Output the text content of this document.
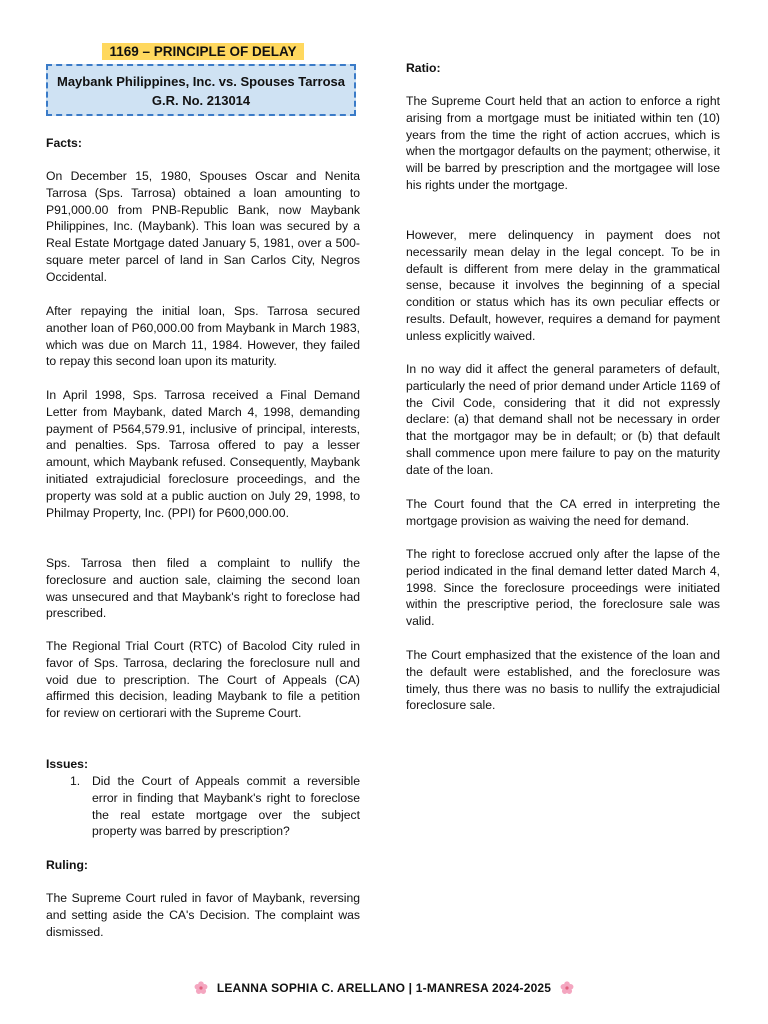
1169 – PRINCIPLE OF DELAY
Maybank Philippines, Inc. vs. Spouses Tarrosa
G.R. No. 213014
Facts:

On December 15, 1980, Spouses Oscar and Nenita Tarrosa (Sps. Tarrosa) obtained a loan amounting to P91,000.00 from PNB-Republic Bank, now Maybank Philippines, Inc. (Maybank). This loan was secured by a Real Estate Mortgage dated January 5, 1981, over a 500-square meter parcel of land in San Carlos City, Negros Occidental.

After repaying the initial loan, Sps. Tarrosa secured another loan of P60,000.00 from Maybank in March 1983, which was due on March 11, 1984. However, they failed to repay this second loan upon its maturity.

In April 1998, Sps. Tarrosa received a Final Demand Letter from Maybank, dated March 4, 1998, demanding payment of P564,579.91, inclusive of principal, interests, and penalties. Sps. Tarrosa offered to pay a lesser amount, which Maybank refused. Consequently, Maybank initiated extrajudicial foreclosure proceedings, and the property was sold at a public auction on July 29, 1998, to Philmay Property, Inc. (PPI) for P600,000.00.

Sps. Tarrosa then filed a complaint to nullify the foreclosure and auction sale, claiming the second loan was unsecured and that Maybank's right to foreclose had prescribed.

The Regional Trial Court (RTC) of Bacolod City ruled in favor of Sps. Tarrosa, declaring the foreclosure null and void due to prescription. The Court of Appeals (CA) affirmed this decision, leading Maybank to file a petition for review on certiorari with the Supreme Court.

Issues:
1. Did the Court of Appeals commit a reversible error in finding that Maybank's right to foreclose the real estate mortgage over the subject property was barred by prescription?
Ruling:

The Supreme Court ruled in favor of Maybank, reversing and setting aside the CA's Decision. The complaint was dismissed.

Ratio:

The Supreme Court held that an action to enforce a right arising from a mortgage must be initiated within ten (10) years from the time the right of action accrues, which is when the mortgagor defaults on the payment; otherwise, it will be barred by prescription and the mortgagee will lose his rights under the mortgage.

However, mere delinquency in payment does not necessarily mean delay in the legal concept. To be in default is different from mere delay in the grammatical sense, because it involves the beginning of a special condition or status which has its own peculiar effects or results. Default, however, requires a demand for payment unless explicitly waived.

In no way did it affect the general parameters of default, particularly the need of prior demand under Article 1169 of the Civil Code, considering that it did not expressly declare: (a) that demand shall not be necessary in order that the mortgagor may be in default; or (b) that default shall commence upon mere failure to pay on the maturity date of the loan.

The Court found that the CA erred in interpreting the mortgage provision as waiving the need for demand.

The right to foreclose accrued only after the lapse of the period indicated in the final demand letter dated March 4, 1998. Since the foreclosure proceedings were initiated within the prescriptive period, the foreclosure sale was valid.

The Court emphasized that the existence of the loan and the default were established, and the foreclosure was timely, thus there was no basis to nullify the extrajudicial foreclosure sale.

LEANNA SOPHIA C. ARELLANO | 1-MANRESA 2024-2025
